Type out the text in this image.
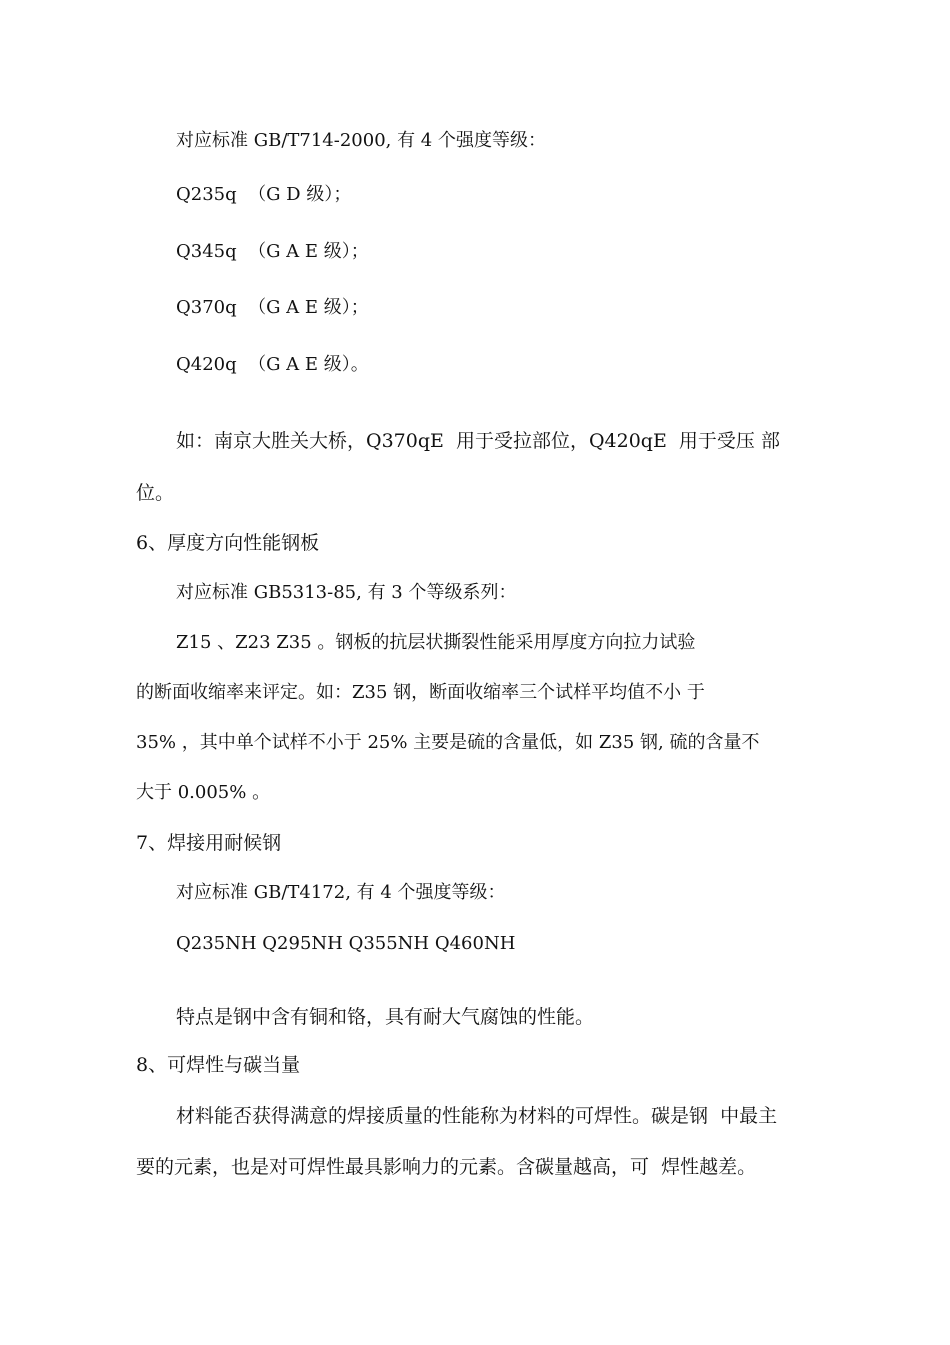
对应标准 GB/T714-2000, 有 4 个强度等级：
Q235q  （G D 级）；
Q345q  （G A E 级）；
Q370q  （G A E 级）；
Q420q  （G A E 级）。
如：南京大胜关大桥，Q370qE  用于受拉部位，Q420qE  用于受压 部
位。
6、厚度方向性能钢板
对应标准 GB5313-85, 有 3 个等级系列：
Z15 、Z23 Z35 。钢板的抗层状撕裂性能采用厚度方向拉力试验
的断面收缩率来评定。如：Z35 钢，断面收缩率三个试样平均值不小 于
35% ，其中单个试样不小于 25% 主要是硫的含量低，如 Z35 钢, 硫的含量不
大于 0.005% 。
7、焊接用耐候钢
对应标准 GB/T4172, 有 4 个强度等级：
Q235NH Q295NH Q355NH Q460NH
特点是钢中含有铜和铬，具有耐大气腐蚀的性能。
8、可焊性与碳当量
材料能否获得满意的焊接质量的性能称为材料的可焊性。碳是钢  中最主
要的元素，也是对可焊性最具影响力的元素。含碳量越高，可  焊性越差。
